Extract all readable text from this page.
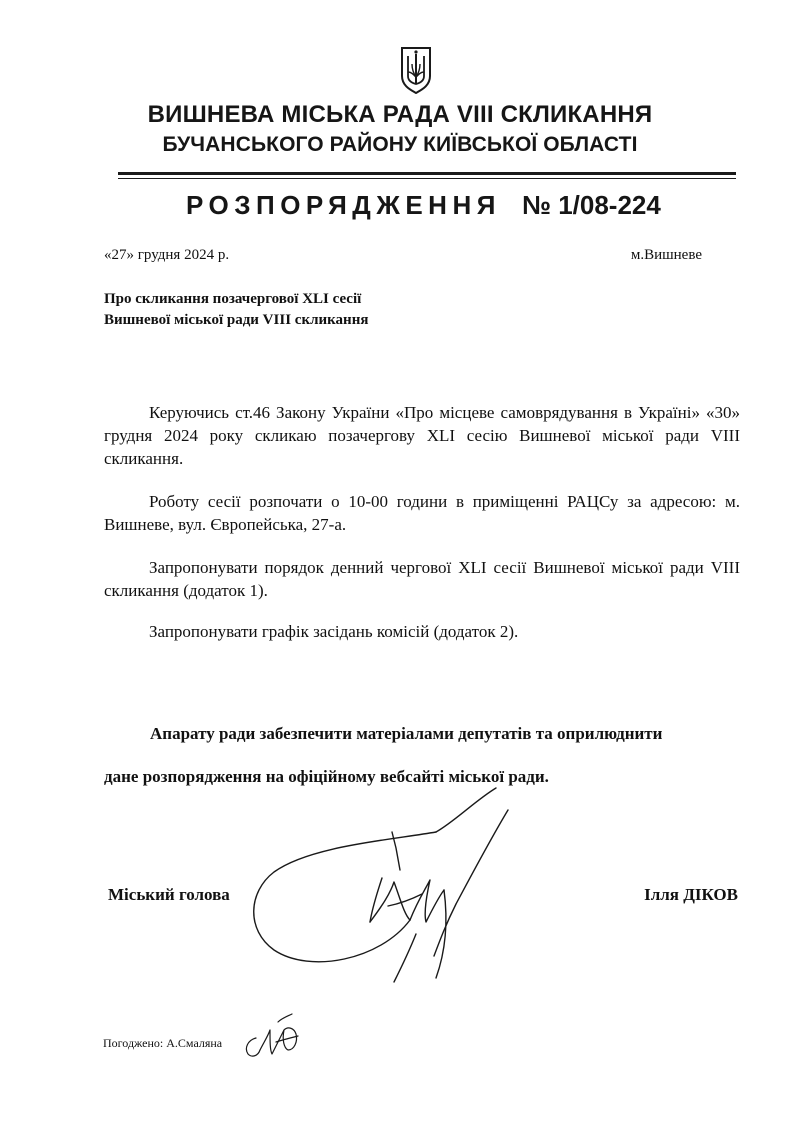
ВИШНЕВА МІСЬКА РАДА VIII СКЛИКАННЯ
БУЧАНСЬКОГО РАЙОНУ КИЇВСЬКОЇ ОБЛАСТІ
РОЗПОРЯДЖЕННЯ № 1/08-224
«27» грудня 2024 р.	м.Вишневе
Про скликання позачергової XLI сесії
Вишневої міської ради VIII скликання
Керуючись ст.46 Закону України «Про місцеве самоврядування в Україні» «30» грудня 2024 року скликаю позачергову XLI сесію Вишневої міської ради VIII скликання.
Роботу сесії розпочати о 10-00 години в приміщенні РАЦСу за адресою: м. Вишневе, вул. Європейська, 27-а.
Запропонувати порядок денний чергової XLI сесії Вишневої міської ради VIII скликання (додаток 1).
Запропонувати графік засідань комісій (додаток 2).
Апарату ради забезпечити матеріалами депутатів та оприлюднити
дане розпорядження на офіційному вебсайті міської ради.
Міський голова	Ілля ДІКОВ
Погоджено: А.Смаляна
